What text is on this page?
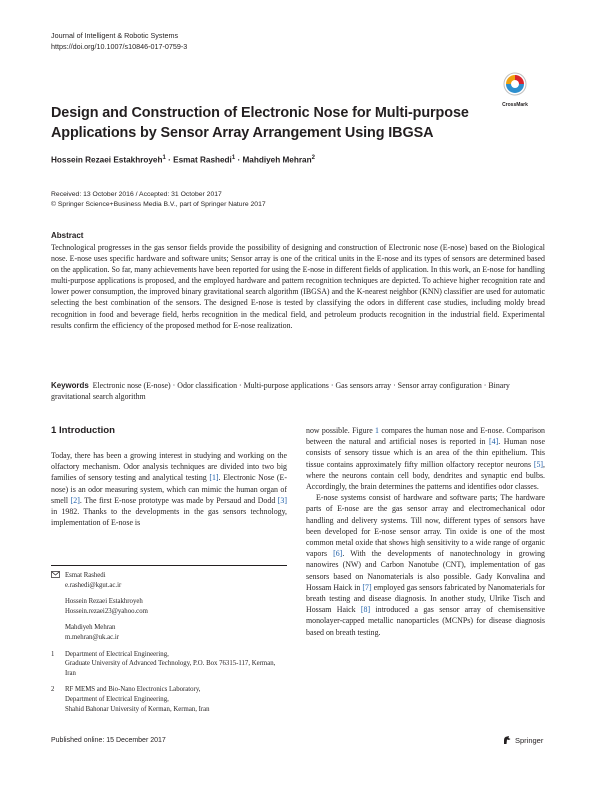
Journal of Intelligent & Robotic Systems
https://doi.org/10.1007/s10846-017-0759-3
CrossMark
Design and Construction of Electronic Nose for Multi-purpose Applications by Sensor Array Arrangement Using IBGSA
Hossein Rezaei Estakhroyeh$^1$ · Esmat Rashedi$^1$ · Mahdiyeh Mehran$^2$
Received: 13 October 2016 / Accepted: 31 October 2017
© Springer Science+Business Media B.V., part of Springer Nature 2017
Abstract
Technological progresses in the gas sensor fields provide the possibility of designing and construction of Electronic nose (E-nose) based on the Biological nose. E-nose uses specific hardware and software units; Sensor array is one of the critical units in the E-nose and its types of sensors are determined based on the application. So far, many achievements have been reported for using the E-nose in different fields of application. In this work, an E-nose for handling multi-purpose applications is proposed, and the employed hardware and pattern recognition techniques are depicted. To achieve higher recognition rate and lower power consumption, the improved binary gravitational search algorithm (IBGSA) and the K-nearest neighbor (KNN) classifier are used for automatic selecting the best combination of the sensors. The designed E-nose is tested by classifying the odors in different case studies, including moldy bread recognition in food and beverage field, herbs recognition in the medical field, and petroleum products recognition in the industrial field. Experimental results confirm the efficiency of the proposed method for E-nose realization.
Keywords Electronic nose (E-nose) · Odor classification · Multi-purpose applications · Gas sensors array · Sensor array configuration · Binary gravitational search algorithm
1 Introduction
Today, there has been a growing interest in studying and working on the olfactory mechanism. Odor analysis techniques are divided into two big families of sensory testing and analytical testing [1]. Electronic Nose (E-nose) is an odor measuring system, which can mimic the human organ of smell [2]. The first E-nose prototype was made by Persaud and Dodd [3] in 1982. Thanks to the developments in the gas sensors technology, implementation of E-nose is

now possible. Figure 1 compares the human nose and E-nose. Comparison between the natural and artificial noses is reported in [4]. Human nose consists of sensory tissue which is an area of the thin epithelium. This tissue contains approximately fifty million olfactory receptor neurons [5], where the neurons contain cell body, dendrites and synaptic end bulbs. Accordingly, the brain determines the patterns and identifies odor classes.

E-nose systems consist of hardware and software parts; The hardware parts of E-nose are the gas sensor array and electromechanical odor handling and delivery systems. Till now, different types of sensors have been developed for E-nose sensor array. Tin oxide is one of the most common metal oxide that shows high sensitivity to a wide range of organic vapors [6]. With the developments of nanotechnology in growing nanowires (NW) and Carbon Nanotube (CNT), implementation of gas sensors based on Nanomaterials is also possible. Gady Konvalina and Hossam Haick in [7] employed gas sensors fabricated by Nanomaterials for breath testing and disease diagnosis. In another study, Ulrike Tisch and Hossam Haick [8] introduced a gas sensor array of chemisensitive monolayer-capped metallic nanoparticles (MCNPs) for disease diagnosis based on breath testing.

Esmat Rashedi
e.rashedi@kgut.ac.ir
Hossein Rezaei Estakhroyeh
Hossein.rezaei23@yahoo.com
Mahdiyeh Mehran
m.mehran@uk.ac.ir
1	Department of Electrical Engineering,
Graduate University of Advanced Technology, P.O. Box 76315-117, Kerman, Iran
2	RF MEMS and Bio-Nano Electronics Laboratory,
Department of Electrical Engineering,
Shahid Bahonar University of Kerman, Kerman, Iran
Published online: 15 December 2017	Springer
